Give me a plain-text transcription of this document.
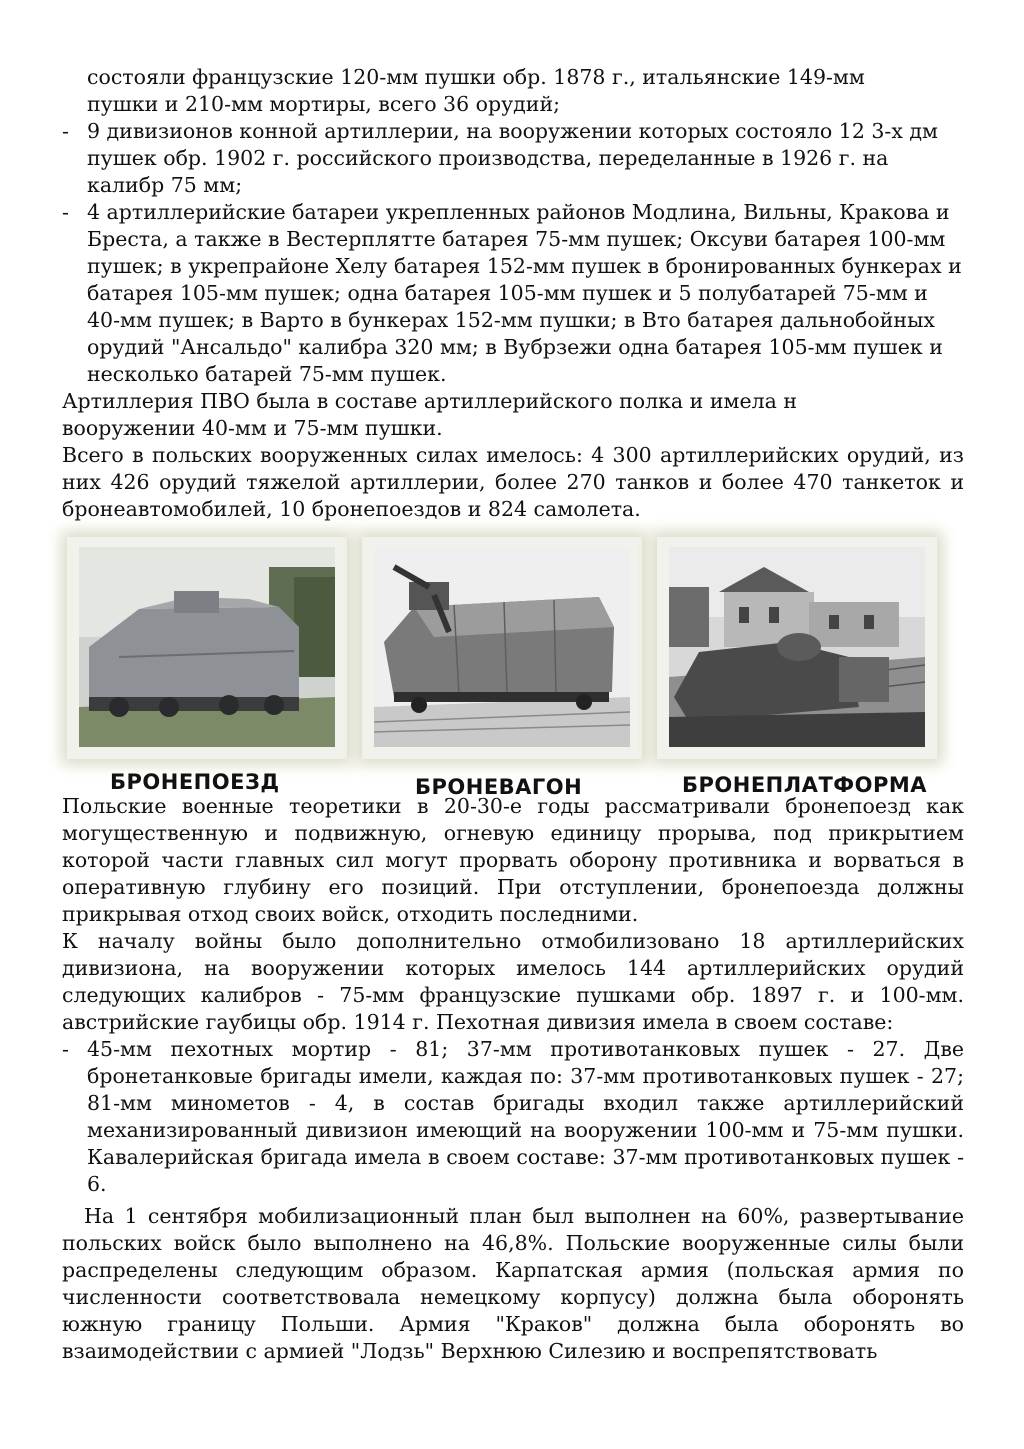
состояли французские 120-мм пушки обр. 1878 г., итальянские 149-мм

пушки и 210-мм мортиры, всего 36 орудий;

- 9 дивизионов конной артиллерии, на вооружении которых состояло 12 3-х дм пушек обр. 1902 г. российского производства, переделанные в 1926 г. на калибр 75 мм;

- 4 артиллерийские батареи укрепленных районов Модлина, Вильны, Кракова и Бреста, а также в Вестерплятте батарея 75-мм пушек; Оксуви батарея 100-мм пушек; в укрепрайоне Хелу батарея 152-мм пушек в бронированных бункерах и батарея 105-мм пушек; одна батарея 105-мм пушек и 5 полубатарей 75-мм и 40-мм пушек; в Варто в бункерах 152-мм пушки; в Вто батарея дальнобойных орудий "Ансальдо" калибра 320 мм; в Вубрзежи одна батарея 105-мм пушек и несколько батарей 75-мм пушек.

Артиллерия ПВО была в составе артиллерийского полка и имела н вооружении 40-мм и 75-мм пушки.

Всего в польских вооруженных силах имелось: 4 300 артиллерийских орудий, из них 426 орудий тяжелой артиллерии, более 270 танков и более 470 танкеток и бронеавтомобилей, 10 бронепоездов и 824 самолета.

БРОНЕПОЕЗД	БРОНЕВАГОН	БРОНЕПЛАТФОРМА

Польские военные теоретики в 20-30-е годы рассматривали бронепоезд как могущественную и подвижную, огневую единицу прорыва, под прикрытием которой части главных сил могут прорвать оборону противника и ворваться в оперативную глубину его позиций. При отступлении, бронепоезда должны прикрывая отход своих войск, отходить последними.

К началу войны было дополнительно отмобилизовано 18 артиллерийских дивизиона, на вооружении которых имелось 144 артиллерийских орудий следующих калибров - 75-мм французские пушками обр. 1897 г. и 100-мм. австрийские гаубицы обр. 1914 г. Пехотная дивизия имела в своем составе:

- 45-мм пехотных мортир - 81; 37-мм противотанковых пушек - 27. Две бронетанковые бригады имели, каждая по: 37-мм противотанковых пушек - 27; 81-мм минометов - 4, в состав бригады входил также артиллерийский механизированный дивизион имеющий на вооружении 100-мм и 75-мм пушки. Кавалерийская бригада имела в своем составе: 37-мм противотанковых пушек - 6.

На 1 сентября мобилизационный план был выполнен на 60%, развертывание польских войск было выполнено на 46,8%. Польские вооруженные силы были распределены следующим образом. Карпатская армия (польская армия по численности соответствовала немецкому корпусу) должна была оборонять южную границу Польши. Армия "Краков" должна была оборонять во взаимодействии с армией "Лодзь" Верхнюю Силезию и воспрепятствовать
